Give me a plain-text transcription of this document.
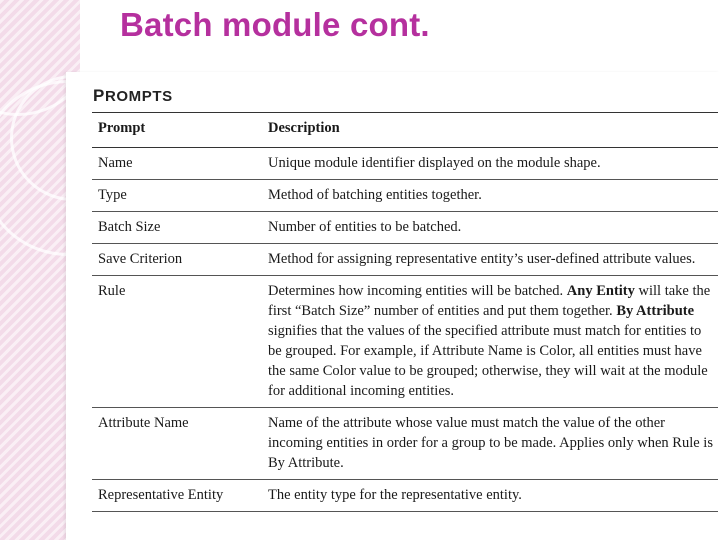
Batch module cont.
PROMPTS
Prompt	Description
Name	Unique module identifier displayed on the module shape.
Type	Method of batching entities together.
Batch Size	Number of entities to be batched.
Save Criterion	Method for assigning representative entity’s user-defined attribute values.
Rule	Determines how incoming entities will be batched. Any Entity will take the first “Batch Size” number of entities and put them together. By Attribute signifies that the values of the specified attribute must match for entities to be grouped. For example, if Attribute Name is Color, all entities must have the same Color value to be grouped; otherwise, they will wait at the module for additional incoming entities.
Attribute Name	Name of the attribute whose value must match the value of the other incoming entities in order for a group to be made. Applies only when Rule is By Attribute.
Representative Entity	The entity type for the representative entity.
